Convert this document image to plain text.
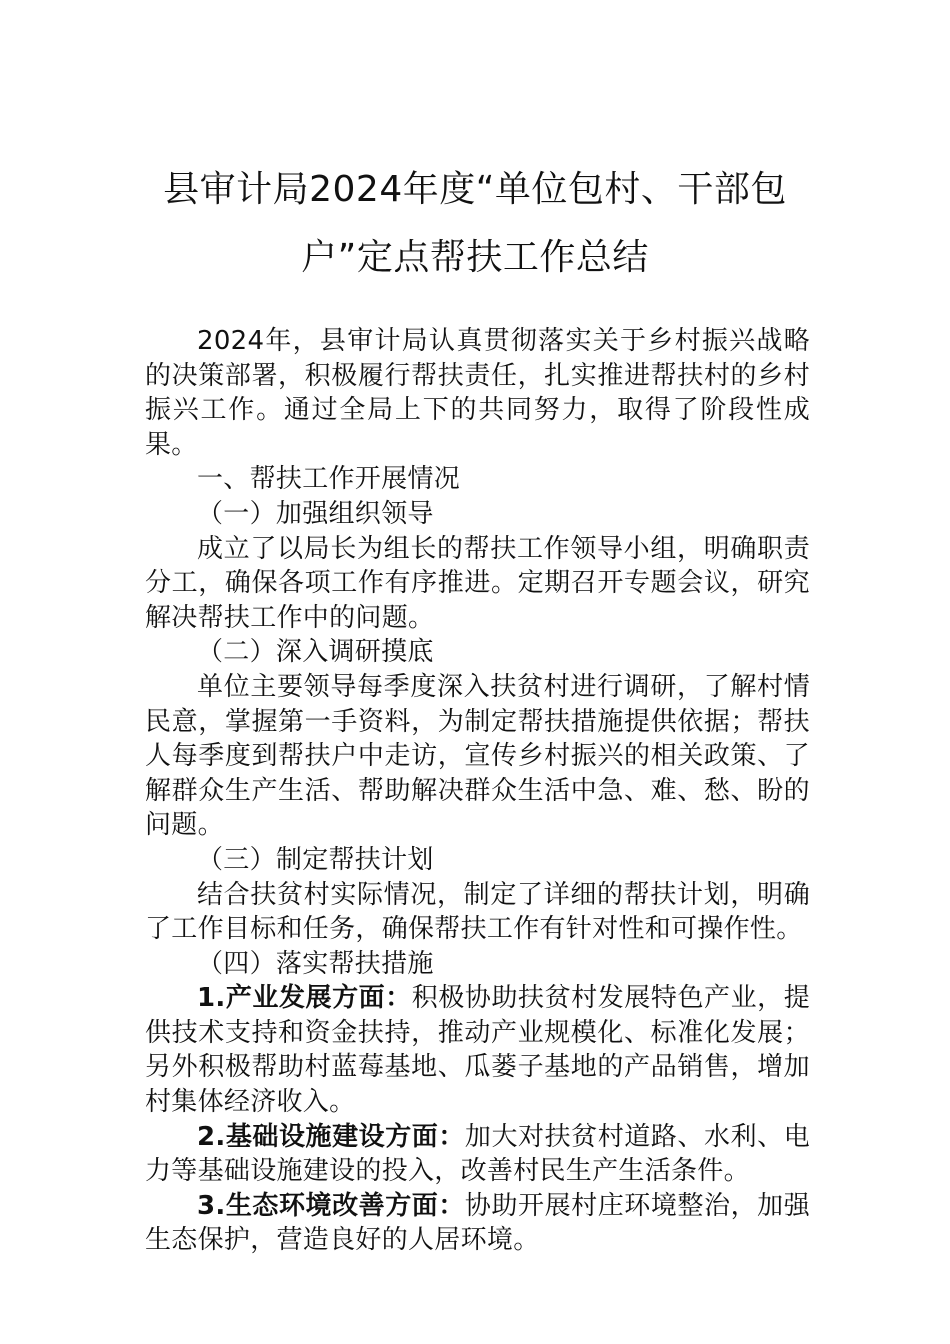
县审计局2024年度“单位包村、干部包
户”定点帮扶工作总结

2024年，县审计局认真贯彻落实关于乡村振兴战略的决策部署，积极履行帮扶责任，扎实推进帮扶村的乡村振兴工作。通过全局上下的共同努力，取得了阶段性成果。

一、帮扶工作开展情况

（一）加强组织领导

成立了以局长为组长的帮扶工作领导小组，明确职责分工，确保各项工作有序推进。定期召开专题会议，研究解决帮扶工作中的问题。

（二）深入调研摸底

单位主要领导每季度深入扶贫村进行调研，了解村情民意，掌握第一手资料，为制定帮扶措施提供依据；帮扶人每季度到帮扶户中走访，宣传乡村振兴的相关政策、了解群众生产生活、帮助解决群众生活中急、难、愁、盼的问题。

（三）制定帮扶计划

结合扶贫村实际情况，制定了详细的帮扶计划，明确了工作目标和任务，确保帮扶工作有针对性和可操作性。

（四）落实帮扶措施

1.产业发展方面：积极协助扶贫村发展特色产业，提供技术支持和资金扶持，推动产业规模化、标准化发展；另外积极帮助村蓝莓基地、瓜蒌子基地的产品销售，增加村集体经济收入。

2.基础设施建设方面：加大对扶贫村道路、水利、电力等基础设施建设的投入，改善村民生产生活条件。

3.生态环境改善方面：协助开展村庄环境整治，加强生态保护，营造良好的人居环境。
